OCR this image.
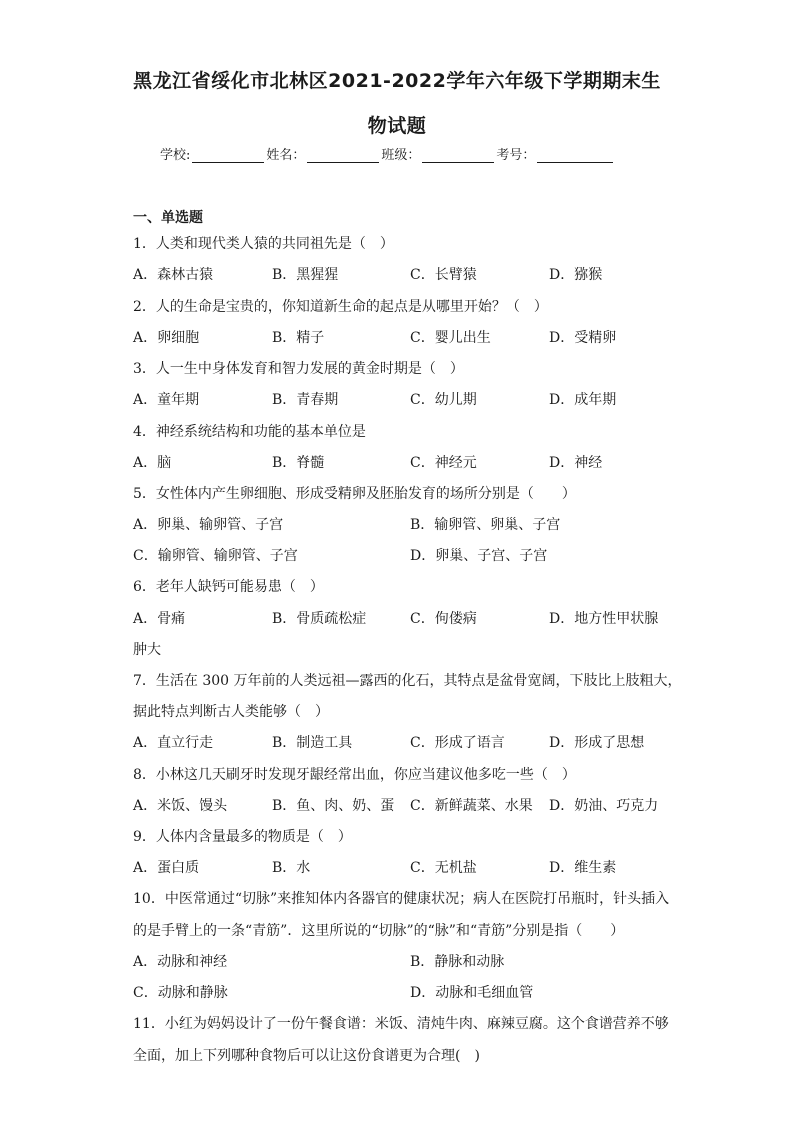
黑龙江省绥化市北林区2021-2022学年六年级下学期期末生
物试题
学校:	姓名：	班级：	考号：
一、单选题
1．人类和现代类人猿的共同祖先是（　）
A．森林古猿	B．黑猩猩	C．长臂猿	D．猕猴
2．人的生命是宝贵的，你知道新生命的起点是从哪里开始？（　）
A．卵细胞	B．精子	C．婴儿出生	D．受精卵
3．人一生中身体发育和智力发展的黄金时期是（　）
A．童年期	B．青春期	C．幼儿期	D．成年期
4．神经系统结构和功能的基本单位是
A．脑	B．脊髓	C．神经元	D．神经
5．女性体内产生卵细胞、形成受精卵及胚胎发育的场所分别是（　　）
A．卵巢、输卵管、子宫	B．输卵管、卵巢、子宫
C．输卵管、输卵管、子宫	D．卵巢、子宫、子宫
6．老年人缺钙可能易患（　）
A．骨痛	B．骨质疏松症	C．佝偻病	D．地方性甲状腺
肿大
7．生活在 300 万年前的人类远祖—露西的化石，其特点是盆骨宽阔，下肢比上肢粗大，
据此特点判断古人类能够（　）
A．直立行走	B．制造工具	C．形成了语言	D．形成了思想
8．小林这几天刷牙时发现牙龈经常出血，你应当建议他多吃一些（　）
A．米饭、馒头	B．鱼、肉、奶、蛋 C．新鲜蔬菜、水果 D．奶油、巧克力
9．人体内含量最多的物质是（　）
A．蛋白质	B．水	C．无机盐	D．维生素
10．中医常通过“切脉”来推知体内各器官的健康状况；病人在医院打吊瓶时，针头插入
的是手臂上的一条“青筋”．这里所说的“切脉”的“脉”和“青筋”分别是指（　　）
A．动脉和神经	B．静脉和动脉
C．动脉和静脉	D．动脉和毛细血管
11．小红为妈妈设计了一份午餐食谱：米饭、清炖牛肉、麻辣豆腐。这个食谱营养不够
全面，加上下列哪种食物后可以让这份食谱更为合理(　)
